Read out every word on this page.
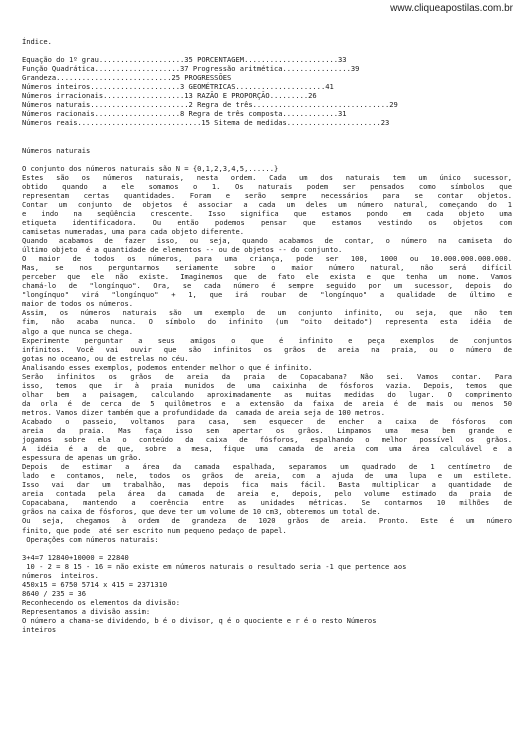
www.cliqueapostilas.com.br
Índice.
Equação do 1º grau....................35 PORCENTAGEM......................33
Função Quadrática....................37 Progressão aritmética................39
Grandeza...........................25 PROGRESSÕES
Números inteiros.....................3 GEOMÉTRICAS.....................41
Números irracionais...................13 RAZÃO E PROPORÇÃO.........26
Números naturais.......................2 Regra de três................................29
Números racionais....................8 Regra de três composta.............31
Números reais.............................15 Sitema de medidas......................23
Números naturais
O conjunto dos números naturais são N = {0,1,2,3,4,5,......}
Estes são os números naturais, nesta ordem. Cada um dos naturais tem um único sucessor,
obtido quando a ele somamos o 1. Os naturais podem ser pensados como símbolos que
representam certas quantidades. Foram e serão sempre necessários para se contar objetos.
Contar um conjunto de objetos é associar a cada um deles um número natural, começando do 1
e indo na seqüência crescente. Isso significa que estamos pondo em cada objeto uma
etiqueta identificadora. Ou então podemos pensar que estamos vestindo os objetos com
camisetas numeradas, uma para cada objeto diferente.
Quando acabamos de fazer isso, ou seja, quando acabamos de contar, o número na camiseta do
último objeto  é a quantidade de elementos -- ou de objetos -- do conjunto.
O maior de todos os números, para uma criança, pode ser 100, 1000 ou 10.000.000.000.000.
Mas, se nos perguntarmos seriamente sobre o maior número natural, não será difícil
perceber que ele não existe. Imaginemos que de fato ele exista e que tenha um nome. Vamos
chamá-lo de "longínquo". Ora, se cada número é sempre seguido por um sucessor, depois do
"longínquo" virá "longínquo" + 1, que irá roubar de "longínquo" a qualidade de último e
maior de todos os números.
Assim, os números naturais são um exemplo de um conjunto infinito, ou seja, que não tem
fim, não acaba nunca. O símbolo do infinito (um "oito deitado") representa esta idéia de
algo a que nunca se chega.
Experimente perguntar a seus amigos o que é infinito e peça exemplos de conjuntos
infinitos. Você vai ouvir que são infinitos os grãos de areia na praia, ou o número de
gotas no oceano, ou de estrelas no céu.
Analisando esses exemplos, podemos entender melhor o que é infinito.
Serão infinitos os grãos de areia da praia de Copacabana? Não sei. Vamos contar. Para
isso, temos que ir à praia munidos de uma caixinha de fósforos vazia. Depois, temos que
olhar bem a paisagem, calculando aproximadamente as muitas medidas do lugar. O comprimento
da orla é de cerca de 5 quilômetros e a extensão da faixa de areia é de mais ou menos 50
metros. Vamos dizer também que a profundidade da  camada de areia seja de 100 metros.
Acabado o passeio, voltamos para casa, sem esquecer de encher a caixa de fósforos com
areia da praia. Mas faça isso sem apertar os grãos. Limpamos uma mesa bem grande e
jogamos sobre ela o conteúdo da caixa de fósforos, espalhando o melhor possível os grãos.
A idéia é a de que, sobre a mesa, fique uma camada de areia com uma área calculável e a
espessura de apenas um grão.
Depois de estimar a área da camada espalhada, separamos um quadrado de 1 centímetro de
lado e contamos, nele, todos os grãos de areia, com a ajuda de uma lupa e um estilete.
Isso vai dar um trabalhão, mas depois fica mais fácil. Basta multiplicar a quantidade de
areia contada pela área da camada de areia e, depois, pelo volume estimado da praia de
Copacabana, mantendo a coerência entre as unidades métricas. Se contarmos 10 milhões de
grãos na caixa de fósforos, que deve ter um volume de 10 cm3, obteremos um total de.
Ou seja, chegamos à ordem de grandeza de 1020 grãos de areia. Pronto. Este é um número
finito, que pode  até ser escrito num pequeno pedaço de papel.
Operações com números naturais:
3+4=7 12840+10000 = 22840
10 - 2 = 8 15 - 16 = não existe em números naturais o resultado seria -1 que pertence aos
números  inteiros.
450x15 = 6750 5714 x 415 = 2371310
8640 / 235 = 36
Reconhecendo os elementos da divisão:
Representamos a divisão assim:
O número a chama-se dividendo, b é o divisor, q é o quociente e r é o resto Números
inteiros
